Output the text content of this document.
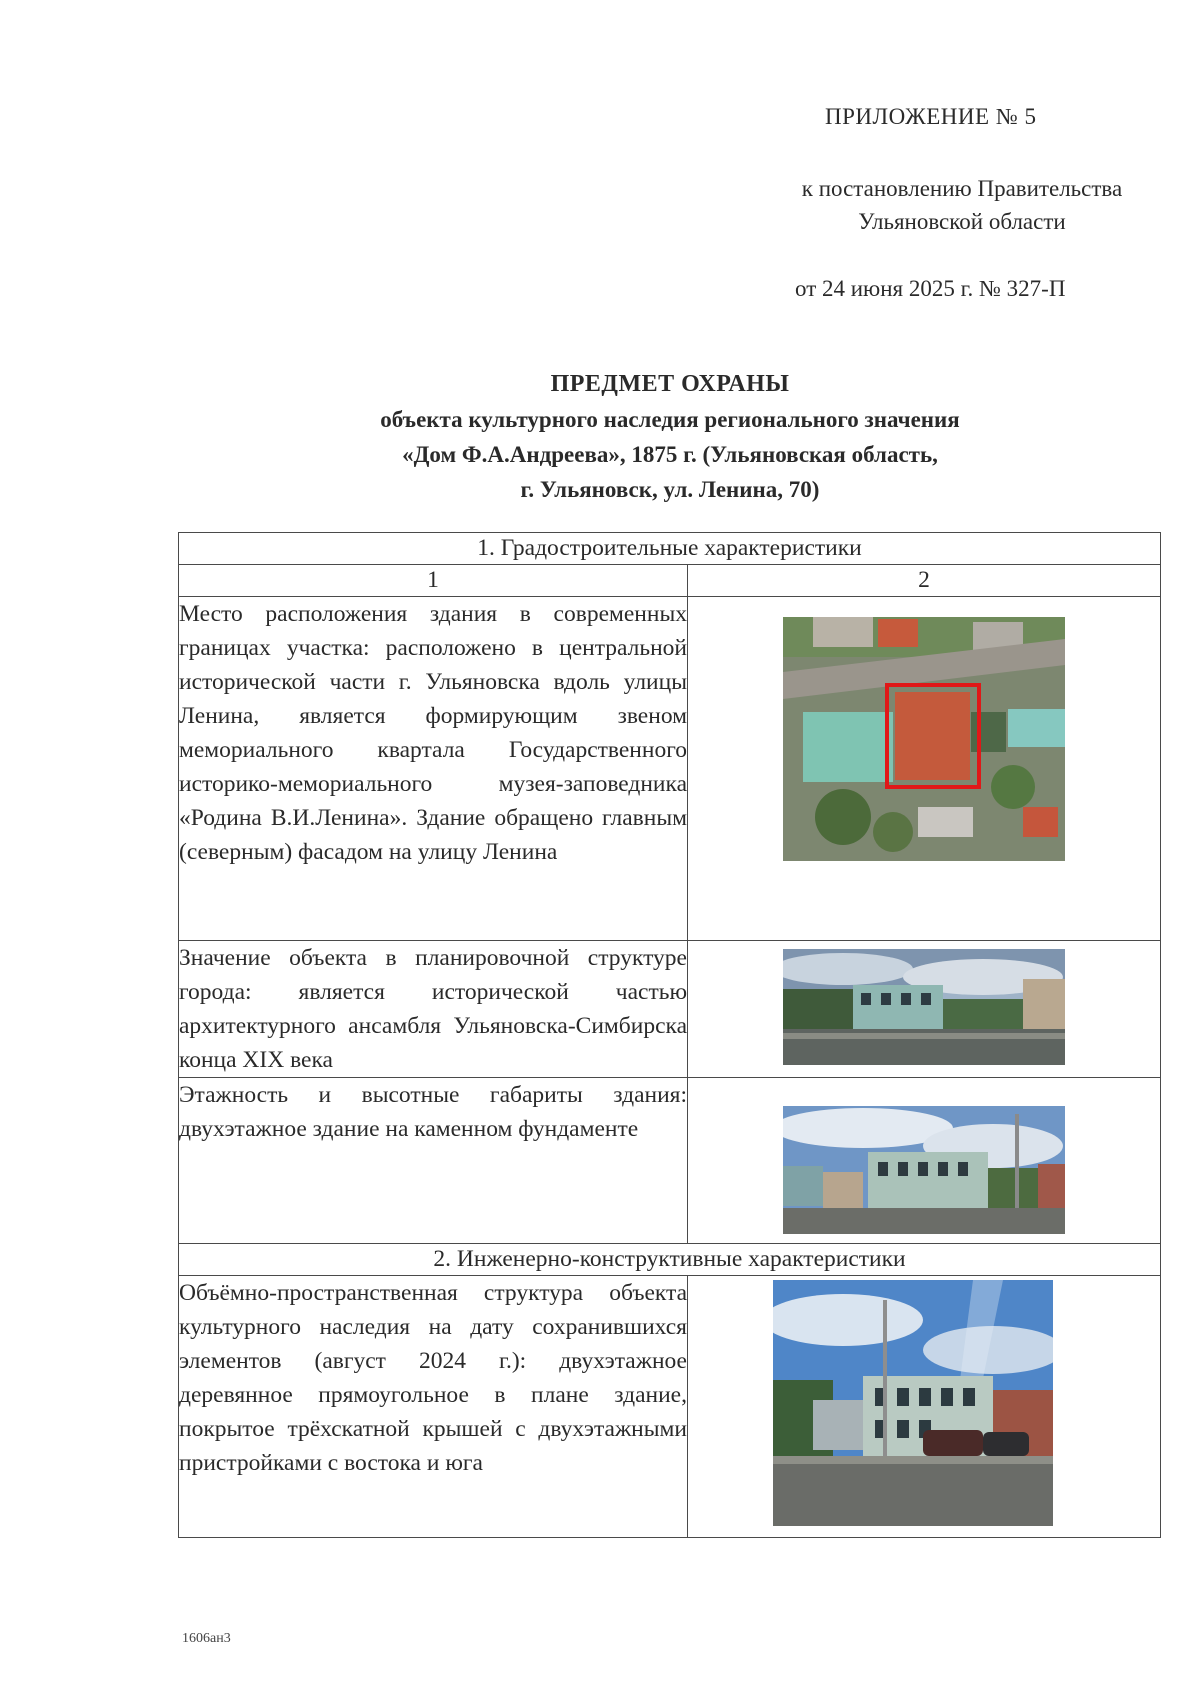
ПРИЛОЖЕНИЕ № 5
к постановлению Правительства
Ульяновской области
от 24 июня 2025 г. № 327-П
ПРЕДМЕТ ОХРАНЫ
объекта культурного наследия регионального значения
«Дом Ф.А.Андреева», 1875 г. (Ульяновская область,
г. Ульяновск, ул. Ленина, 70)
1. Градостроительные характеристики	
1	2
Место расположения здания в современных границах участка: расположено в центральной исторической части г. Ульяновска вдоль улицы Ленина, является формирующим звеном мемориального квартала Государственного историко-мемориального музея-заповедника «Родина В.И.Ленина». Здание обращено главным (северным) фасадом на улицу Ленина	

Значение объекта в планировочной структуре города: является исторической частью архитектурного ансамбля Ульяновска-Симбирска конца XIX века	

Этажность и высотные габариты здания: двухэтажное здание на каменном фундаменте	

2. Инженерно-конструктивные характеристики	
Объёмно-пространственная структура объекта культурного наследия на дату сохранившихся элементов (август 2024 г.): двухэтажное деревянное прямоугольное в плане здание, покрытое трёхскатной крышей с двухэтажными пристройками с востока и юга	
1606ан3
